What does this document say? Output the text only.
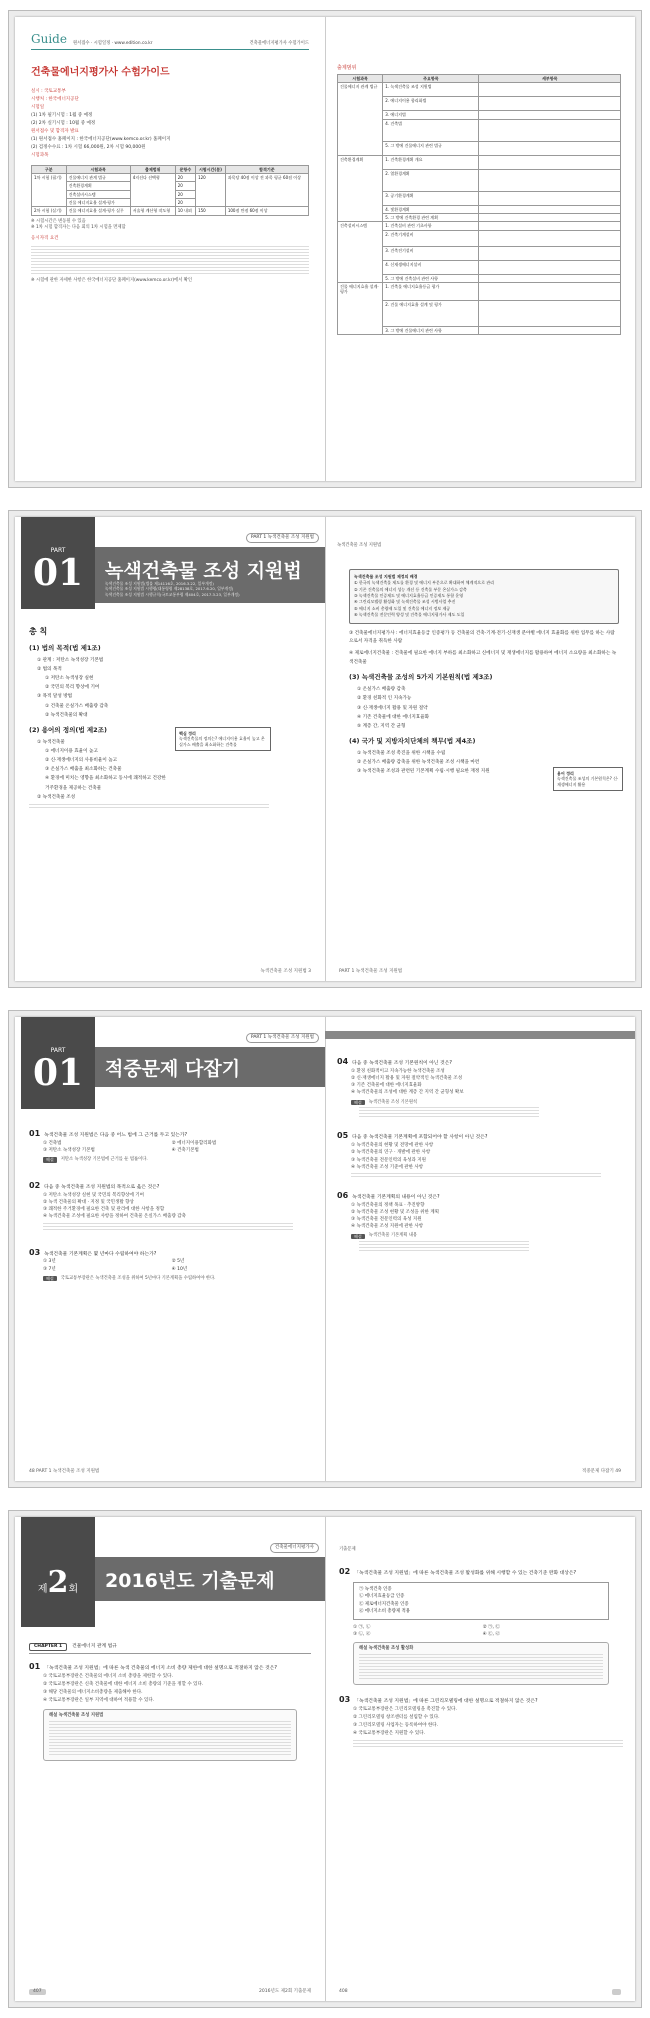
Guide 원서접수 · 시험일정 · www.edition.co.kr	건축물에너지평가사 수험가이드
건축물에너지평가사 수험가이드
실시 : 국토교통부
시행처 : 한국에너지공단
시험일
(1) 1차 필기시험 : 1월 중 예정
(2) 2차 실기시험 : 10월 중 예정
원서접수 및 합격자 발표
(1) 원서접수 홈페이지 : 한국에너지공단(www.kemco.or.kr) 홈페이지
(2) 검정수수료 : 1차 시험 66,000원, 2차 시험 90,000원
시험과목
구분	시험과목	출제범위	문항수	시험시간(분)	합격기준
1차 시험 (필기)	건물에너지 관계 법규	4지선다 선택형	20	120	과목당 40점 이상 전 과목 평균 60점 이상
	건축환경계획		20		
	건축설비시스템		20		
	건물 에너지효율 설계·평가		20		
2차 시험 (실기)	건물 에너지효율 설계·평가 실무	서술형 계산형 작도형	10 내외	150	100점 만점 60점 이상
※ 시험시간은 변동될 수 있음
※ 1차 시험 합격자는 다음 회의 1차 시험을 면제함
응시자격 요건
※ 시험에 관한 자세한 사항은 한국에너지공단 홈페이지(www.kemco.or.kr)에서 확인
출제범위
시험과목	주요항목	세부항목
건물에너지 관계 법규	1. 녹색건축물 조성 지원법	
	2. 에너지이용 합리화법	
	3. 에너지법	
	4. 건축법	
	5. 그 밖에 건물에너지 관련 법규	
건축환경계획	1. 건축환경계획 개요	
	2. 열환경계획	
	3. 공기환경계획	
	4. 빛환경계획	
	5. 그 밖에 건축환경 관련 계획	
건축설비시스템	1. 건축설비 관련 기초사항	
	2. 건축기계설비	
	3. 건축전기설비	
	4. 신재생에너지설비	
	5. 그 밖에 건축설비 관련 사항	
건물 에너지효율 설계·평가	1. 건축물 에너지효율등급 평가	
	2. 건물 에너지효율 설계 및 평가	
	3. 그 밖에 건물에너지 관련 사항	
PART
01
PART 1 녹색건축물 조성 지원법
녹색건축물 조성 지원법
녹색건축물 조성 지원법(법률 제14116호, 2016.3.22, 일부개정)
녹색건축물 조성 지원법 시행령(대통령령 제28138호, 2017.6.20, 일부개정)
녹색건축물 조성 지원법 시행규칙(국토교통부령 제404호, 2017.3.23, 일부개정)
총 칙
(1) 법의 목적(법 제1조)
① 관계 : 저탄소 녹색성장 기본법
② 법의 목적
① 저탄소 녹색성장 실현
② 국민의 복리 향상에 기여
③ 목적 달성 방법
① 건축물 온실가스 배출량 감축
② 녹색건축물의 확대
(2) 용어의 정의(법 제2조)
① 녹색건축물
① 에너지이용 효율이 높고
② 신·재생에너지의 사용비율이 높고
③ 온실가스 배출을 최소화하는 건축물
④ 환경에 미치는 영향을 최소화하고 동시에 쾌적하고 건강한 거주환경을 제공하는 건축물
② 녹색건축물 조성
핵심 정리
녹색건축물의 정의는? 에너지이용 효율이 높고 온실가스 배출을 최소화하는 건축물
녹색건축물 조성 지원법 3
녹색건축물 조성 지원법
녹색건축물 조성 지원법 제정의 배경
① 한국의 녹색건축물 제도를 환경 및 에너지 부문으로 확대하여 체계적으로 관리
② 기존 건축물의 에너지 성능 개선 등 건축물 부문 온실가스 감축
③ 녹색건축물 인증제도 및 에너지효율등급 인증제도 통합 운영
④ 그린리모델링 활성화 및 녹색건축물 조성 시범사업 추진
⑤ 에너지 소비 총량제 도입 및 건축물 에너지 정보 제공
⑥ 녹색건축물 전문인력 양성 및 건축물 에너지평가사 제도 도입
③ 건축물에너지평가사 : 에너지효율등급 인증평가 등 건축물의 건축·기계·전기·신재생 분야별 에너지 효율화를 위한 업무를 하는 사람으로서 자격을 취득한 사람
④ 제로에너지건축물 : 건축물에 필요한 에너지 부하를 최소화하고 신에너지 및 재생에너지를 활용하여 에너지 소요량을 최소화하는 녹색건축물
(3) 녹색건축물 조성의 5가지 기본원칙(법 제3조)
① 온실가스 배출량 감축
② 환경 친화적 인 지속가능
③ 신·재생에너지 활용 및 자원 절약
④ 기존 건축물에 대한 에너지효율화
⑤ 계층 간, 지역 간 균형
용어 정리
녹색건축물 조성의 기본원칙은? 신·재생에너지 활용
(4) 국가 및 지방자치단체의 책무(법 제4조)
① 녹색건축물 조성 촉진을 위한 시책을 수립
② 온실가스 배출량 감축을 위한 녹색건축물 조성 시책을 마련
③ 녹색건축물 조성과 관련된 기본계획 수립·시행 필요한 재정 지원
PART 1 녹색건축물 조성 지원법
PART
01
PART 1 녹색건축물 조성 지원법
적중문제 다잡기
01 녹색건축물 조성 지원법은 다음 중 어느 법에 그 근거를 두고 있는가?
① 건축법	② 에너지이용합리화법
③ 저탄소 녹색성장 기본법	④ 건축기본법
해설	저탄소 녹색성장 기본법에 근거를 둔 법률이다.
02 다음 중 녹색건축물 조성 지원법의 목적으로 옳은 것은?
① 저탄소 녹색성장 실현 및 국민의 복리향상에 기여
② 녹색 건축물의 확대 · 지정 및 국민생활 향상
③ 쾌적한 주거환경에 필요한 건축 및 관리에 대한 사항을 정함
④ 녹색건축물 조성에 필요한 사항을 정하여 건축물 온실가스 배출량 감축
03 녹색건축물 기본계획은 몇 년마다 수립하여야 하는가?
① 3년	② 5년
③ 7년	④ 10년
해설	국토교통부장관은 녹색건축물 조성을 위하여 5년마다 기본계획을 수립하여야 한다.
48 PART 1 녹색건축물 조성 지원법
04 다음 중 녹색건축물 조성 기본원칙이 아닌 것은?
① 환경 친화적이고 지속가능한 녹색건축물 조성
② 신·재생에너지 활용 및 자원 절약적인 녹색건축물 조성
③ 기존 건축물에 대한 에너지효율화
④ 녹색건축물의 조성에 대한 계층 간 지역 간 균형성 확보
해설	녹색건축물 조성 기본원칙
05 다음 중 녹색건축물 기본계획에 포함되어야 할 사항이 아닌 것은?
① 녹색건축물의 현황 및 전망에 관한 사항
② 녹색건축물의 연구 · 개발에 관한 사항
③ 녹색건축물 전문인력의 육성과 지원
④ 녹색건축물 조성 기준에 관한 사항
06 녹색건축물 기본계획의 내용이 아닌 것은?
① 녹색건축물의 정책 목표 · 추진방향
② 녹색건축물 조성 현황 및 조성을 위한 계획
③ 녹색건축물 전문인력의 육성 지원
④ 녹색건축물 조성 지원에 관한 사항
해설	녹색건축물 기본계획 내용
적중문제 다잡기 49
제2회
건축물에너지평가사
2016년도 기출문제
CHAPTER 1	건물에너지 관계 법규
01 「녹색건축물 조성 지원법」에 따른 녹색 건축물의 에너지 소비 총량 제한에 대한 설명으로 적절하지 않은 것은?
① 국토교통부장관은 건축물의 에너지 소비 총량을 제한할 수 있다.
② 국토교통부장관은 신축 건축물에 대한 에너지 소비 총량의 기준을 정할 수 있다.
③ 해당 건축물의 에너지소비총량을 제출해야 한다.
④ 국토교통부장관은 일부 지역에 대하여 적용할 수 있다.
해설 녹색건축물 조성 지원법
407	2016년도 제2회 기출문제
기출문제
02 「녹색건축물 조성 지원법」에 따른 녹색건축물 조성 활성화를 위해 시행할 수 있는 건축기준 완화 대상은?
㉠ 녹색건축 인증
㉡ 에너지효율등급 인증
㉢ 제로에너지건축물 인증
㉣ 에너지소비 총량제 적용
① ㉠, ㉡	② ㉠, ㉢
③ ㉡, ㉣	④ ㉢, ㉣
해설 녹색건축물 조성 활성화
03 「녹색건축물 조성 지원법」에 따른 그린리모델링에 대한 설명으로 적절하지 않은 것은?
① 국토교통부장관은 그린리모델링을 촉진할 수 있다.
② 그린리모델링 창조센터를 설립할 수 있다.
③ 그린리모델링 사업자는 등록하여야 한다.
④ 국토교통부장관은 지원할 수 있다.
408
